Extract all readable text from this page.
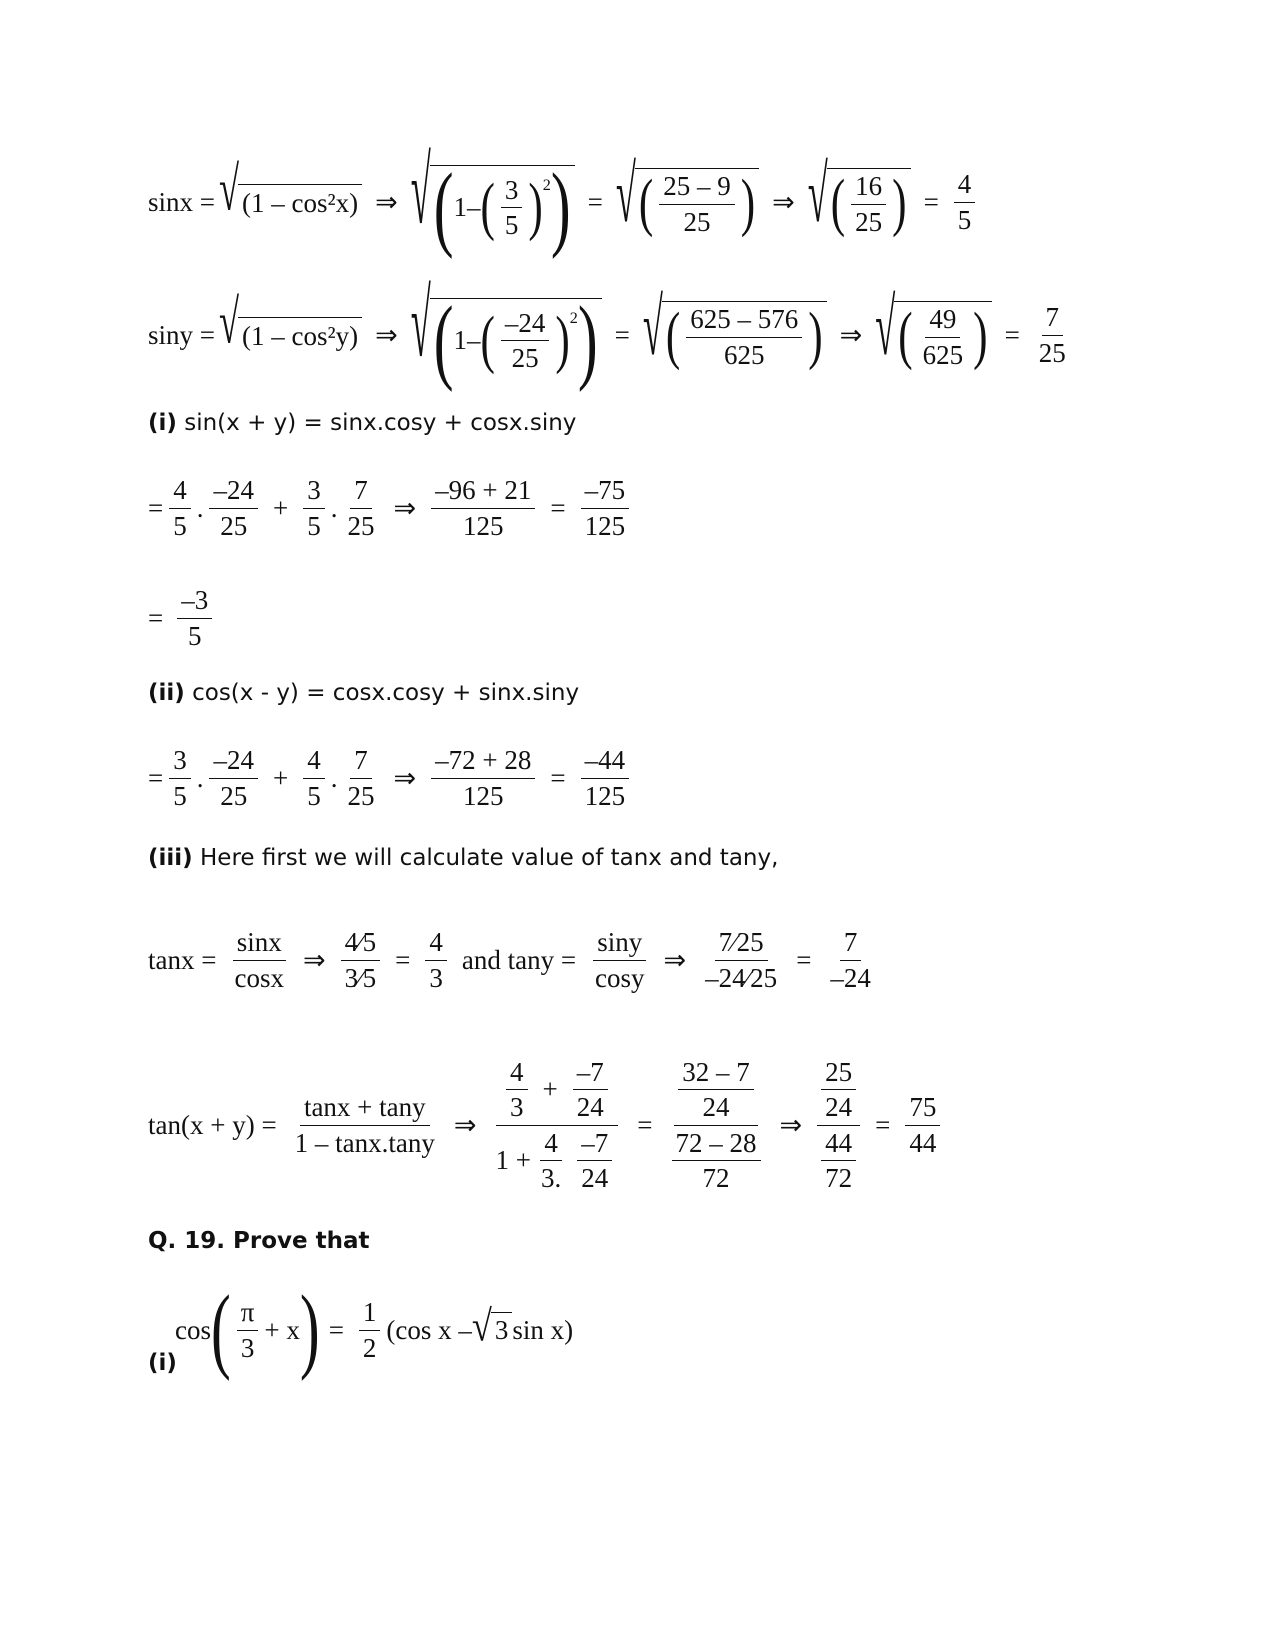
sinx = √ (1 – cos²x) ⇒ √ ( 1– ( $\frac{3}{5}$ ) 2 ) = √ ( $\frac{25 - 9}{25}$ ) ⇒ √ ( $\frac{16}{25}$ ) = $\frac{4}{5}$
siny = √ (1 – cos²y) ⇒ √ ( 1– ( $\frac{-24}{25}$ ) 2 ) = √ ( $\frac{625 - 576}{625}$ ) ⇒ √ ( $\frac{49}{625}$ ) = $\frac{7}{25}$
(i) sin(x + y) = sinx.cosy + cosx.siny
= $\frac{4}{5}$ . $\frac{-24}{25} + \frac{3}{5}$ . $\frac{7}{25}$ ⇒ $\frac{-96 + 21}{125} = \frac{-75}{125}$
= $\frac{-3}{5}$
(ii) cos(x - y) = cosx.cosy + sinx.siny
= $\frac{3}{5}$ . $\frac{-24}{25} + \frac{4}{5}$ . $\frac{7}{25}$ ⇒ $\frac{-72 + 28}{125} = \frac{-44}{125}$
(iii) Here first we will calculate value of tanx and tany,
$\tan x = \frac{\sin x}{\cos x}$ ⇒ $\frac{4⁄5}{3⁄5} = \frac{4}{3}$ and $\tan y = \frac{\sin y}{\cos y}$ ⇒ $\frac{7⁄25}{-24⁄25} = \frac{7}{-24}$
$\tan(x + y) = \frac{\tan x + \tan y}{1 - \tan x.\tan y}$ ⇒ $\frac{\frac{4}{3} + \frac{-7}{24}}{1 + \frac{4}{3.} \frac{-7}{24}} = \frac{\frac{32 - 7}{24}}{\frac{72 - 28}{72}}$ ⇒ $\frac{\frac{25}{24}}{\frac{44}{72}} = \frac{75}{44}$
Q. 19. Prove that
(i)
cos ( $\frac{\pi}{3} + x$ ) = $\frac{1}{2} (\cos$ x – √ 3 sin x)
